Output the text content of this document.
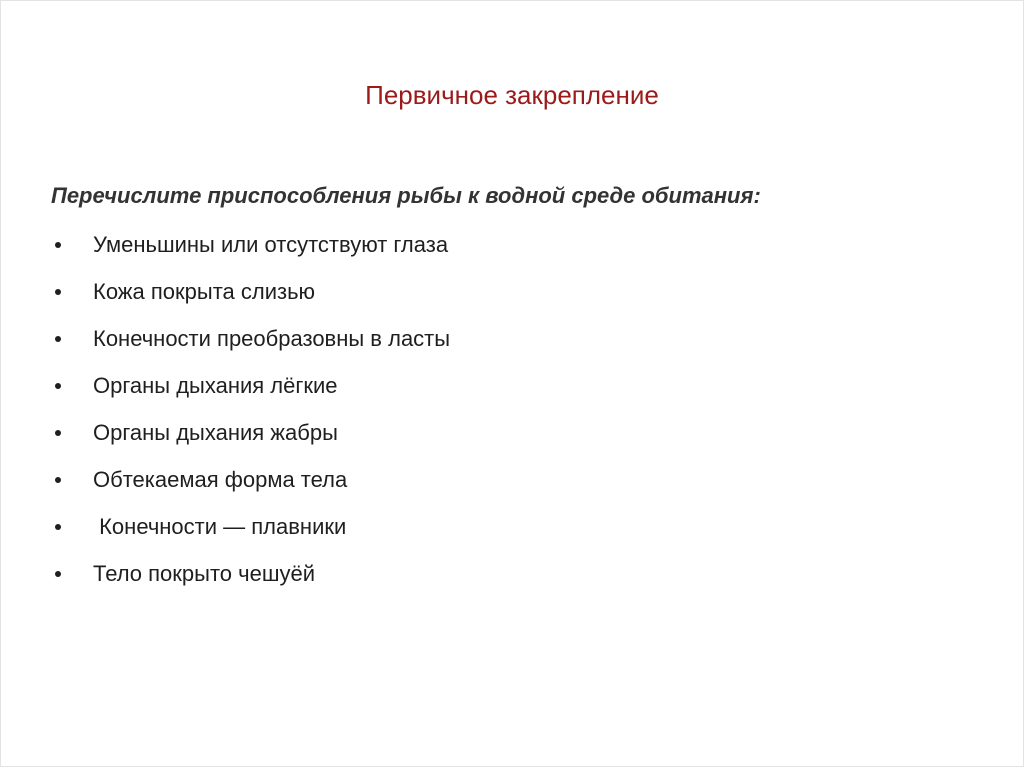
Первичное закрепление
Перечислите приспособления рыбы к водной среде обитания:

Уменьшины или отсутствуют глаза

Кожа покрыта слизью

Конечности преобразовны в ласты

Органы дыхания лёгкие

Органы дыхания жабры

Обтекаемая форма тела

Конечности — плавники

Тело покрыто чешуёй
